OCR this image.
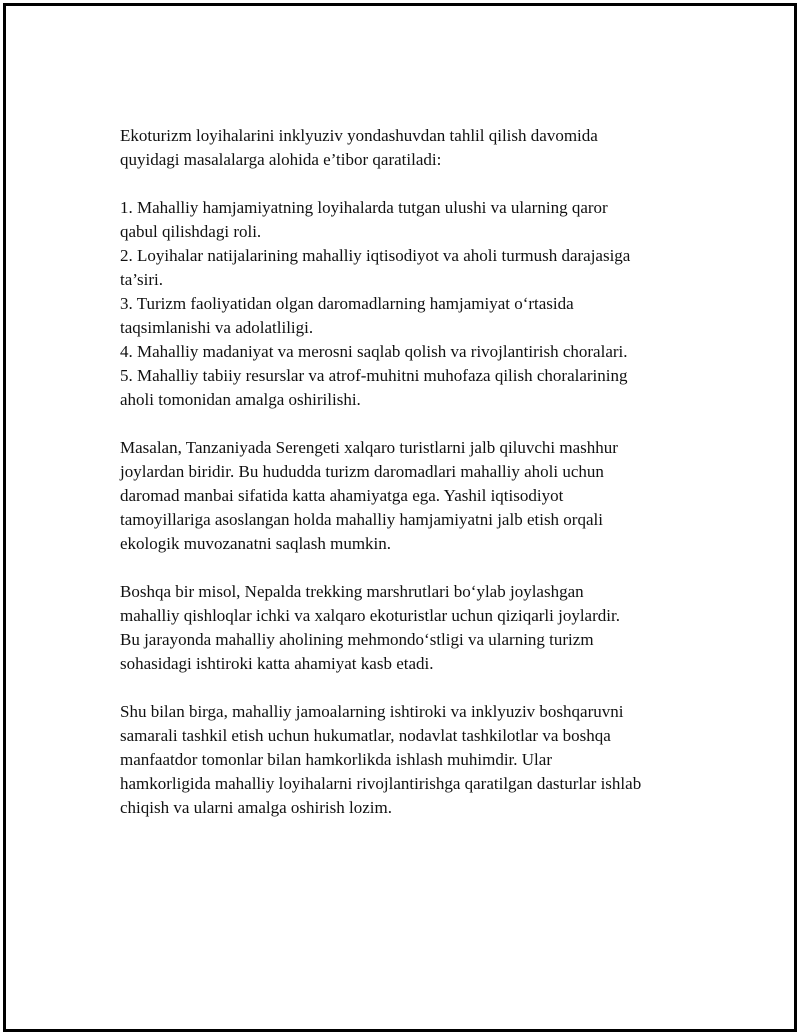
Ekoturizm loyihalarini inklyuziv yondashuvdan tahlil qilish davomida
quyidagi masalalarga alohida e’tibor qaratiladi:

1. Mahalliy hamjamiyatning loyihalarda tutgan ulushi va ularning qaror
qabul qilishdagi roli.
2. Loyihalar natijalarining mahalliy iqtisodiyot va aholi turmush darajasiga
ta’siri.
3. Turizm faoliyatidan olgan daromadlarning hamjamiyat o‘rtasida
taqsimlanishi va adolatliligi.
4. Mahalliy madaniyat va merosni saqlab qolish va rivojlantirish choralari.
5. Mahalliy tabiiy resurslar va atrof-muhitni muhofaza qilish choralarining
aholi tomonidan amalga oshirilishi.

Masalan, Tanzaniyada Serengeti xalqaro turistlarni jalb qiluvchi mashhur
joylardan biridir. Bu hududda turizm daromadlari mahalliy aholi uchun
daromad manbai sifatida katta ahamiyatga ega. Yashil iqtisodiyot
tamoyillariga asoslangan holda mahalliy hamjamiyatni jalb etish orqali
ekologik muvozanatni saqlash mumkin.

Boshqa bir misol, Nepalda trekking marshrutlari bo‘ylab joylashgan
mahalliy qishloqlar ichki va xalqaro ekoturistlar uchun qiziqarli joylardir.
Bu jarayonda mahalliy aholining mehmondo‘stligi va ularning turizm
sohasidagi ishtiroki katta ahamiyat kasb etadi.

Shu bilan birga, mahalliy jamoalarning ishtiroki va inklyuziv boshqaruvni
samarali tashkil etish uchun hukumatlar, nodavlat tashkilotlar va boshqa
manfaatdor tomonlar bilan hamkorlikda ishlash muhimdir. Ular
hamkorligida mahalliy loyihalarni rivojlantirishga qaratilgan dasturlar ishlab
chiqish va ularni amalga oshirish lozim.
